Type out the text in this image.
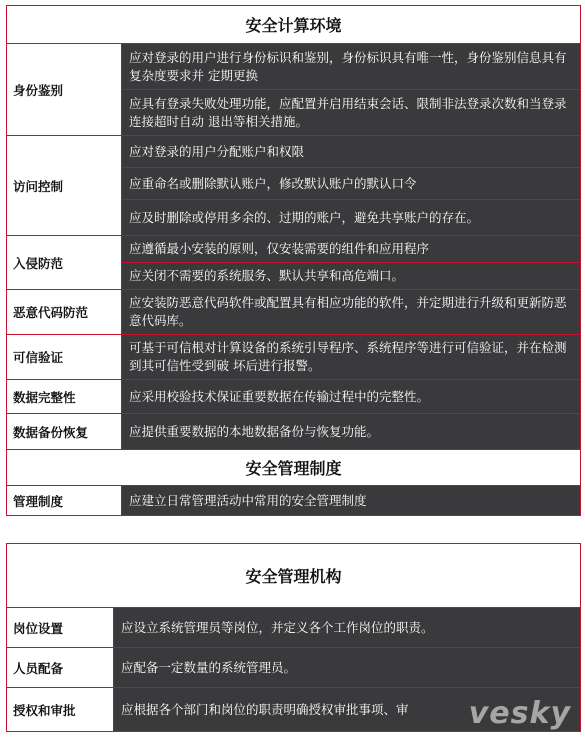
安全计算环境	
身份鉴别	应对登录的用户进行身份标识和鉴别，身份标识具有唯一性，身份鉴别信息具有复杂度要求并 定期更换
	应具有登录失败处理功能，应配置并启用结束会话、限制非法登录次数和当登录连接超时自动 退出等相关措施。
访问控制	应对登录的用户分配账户和权限
	应重命名或删除默认账户，修改默认账户的默认口令
	应及时删除或停用多余的、过期的账户，避免共享账户的存在。
入侵防范	应遵循最小安装的原则，仅安装需要的组件和应用程序
	应关闭不需要的系统服务、默认共享和高危端口。
恶意代码防范	应安装防恶意代码软件或配置具有相应功能的软件，并定期进行升级和更新防恶意代码库。
可信验证	可基于可信根对计算设备的系统引导程序、系统程序等进行可信验证，并在检测到其可信性受到破 坏后进行报警。
数据完整性	应采用校验技术保证重要数据在传输过程中的完整性。
数据备份恢复	应提供重要数据的本地数据备份与恢复功能。
安全管理制度	
管理制度	应建立日常管理活动中常用的安全管理制度
安全管理机构	
岗位设置	应设立系统管理员等岗位，并定义各个工作岗位的职责。
人员配备	应配备一定数量的系统管理员。
授权和审批	应根据各个部门和岗位的职责明确授权审批事项、审 vesky
